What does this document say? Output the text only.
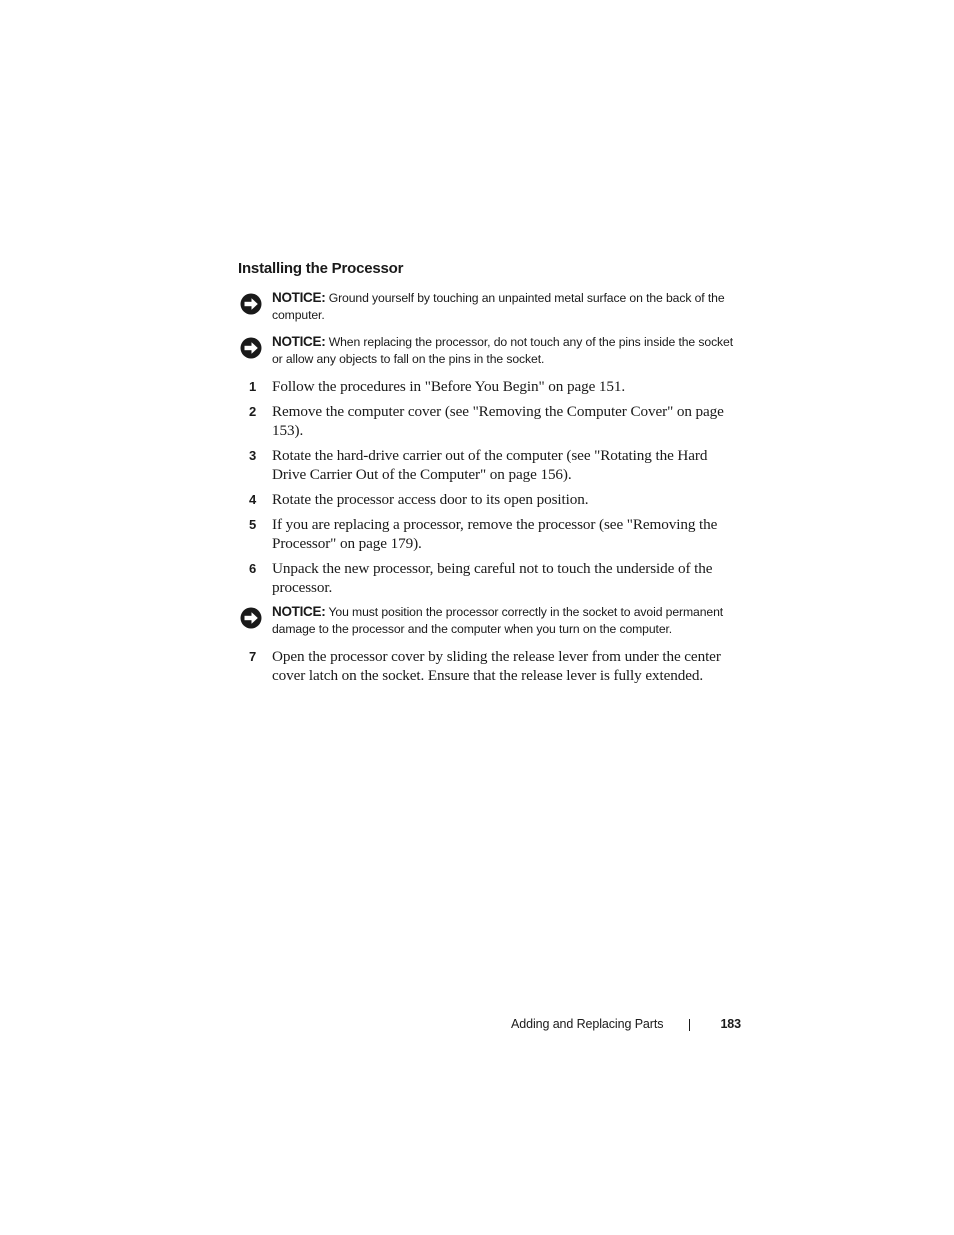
Installing the Processor
NOTICE: Ground yourself by touching an unpainted metal surface on the back of the computer.
NOTICE: When replacing the processor, do not touch any of the pins inside the socket or allow any objects to fall on the pins in the socket.
1 Follow the procedures in "Before You Begin" on page 151.
2 Remove the computer cover (see "Removing the Computer Cover" on page 153).
3 Rotate the hard-drive carrier out of the computer (see "Rotating the Hard Drive Carrier Out of the Computer" on page 156).
4 Rotate the processor access door to its open position.
5 If you are replacing a processor, remove the processor (see "Removing the Processor" on page 179).
6 Unpack the new processor, being careful not to touch the underside of the processor.
NOTICE: You must position the processor correctly in the socket to avoid permanent damage to the processor and the computer when you turn on the computer.
7 Open the processor cover by sliding the release lever from under the center cover latch on the socket. Ensure that the release lever is fully extended.
Adding and Replacing Parts	183
